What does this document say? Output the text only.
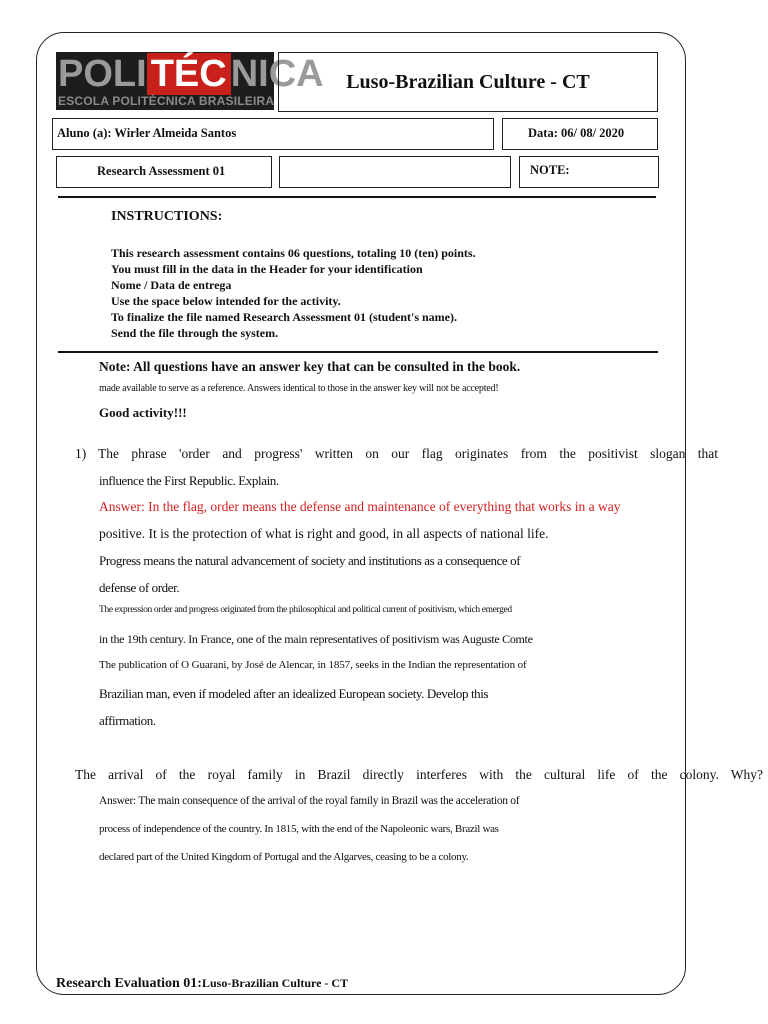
POLI TÉC NICA
ESCOLA POLITÉCNICA BRASILEIRA
Luso-Brazilian Culture - CT
Aluno (a): Wirler Almeida Santos	Data: 06/ 08/ 2020
Research Assessment 01	NOTE:
INSTRUCTIONS:
This research assessment contains 06 questions, totaling 10 (ten) points.
You must fill in the data in the Header for your identification
Nome / Data de entrega
Use the space below intended for the activity.
To finalize the file named Research Assessment 01 (student's name).
Send the file through the system.
Note: All questions have an answer key that can be consulted in the book.
made available to serve as a reference. Answers identical to those in the answer key will not be accepted!
Good activity!!!
1) The phrase 'order and progress' written on our flag originates from the positivist slogan that
influence the First Republic. Explain.
Answer: In the flag, order means the defense and maintenance of everything that works in a way
positive. It is the protection of what is right and good, in all aspects of national life.
Progress means the natural advancement of society and institutions as a consequence of
defense of order.
The expression order and progress originated from the philosophical and political current of positivism, which emerged
in the 19th century. In France, one of the main representatives of positivism was Auguste Comte
The publication of O Guarani, by José de Alencar, in 1857, seeks in the Indian the representation of
Brazilian man, even if modeled after an idealized European society. Develop this
affirmation.
The arrival of the royal family in Brazil directly interferes with the cultural life of the colony. Why?
Answer: The main consequence of the arrival of the royal family in Brazil was the acceleration of
process of independence of the country. In 1815, with the end of the Napoleonic wars, Brazil was
declared part of the United Kingdom of Portugal and the Algarves, ceasing to be a colony.
Research Evaluation 01:Luso-Brazilian Culture - CT
